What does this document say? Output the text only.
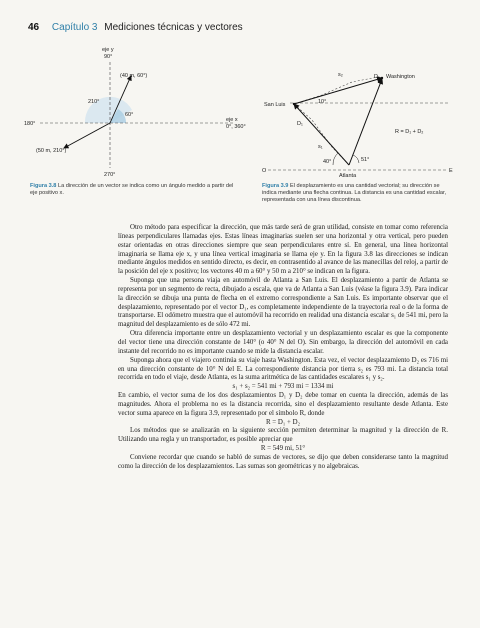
46 Capítulo 3 Mediciones técnicas y vectores
eje y
90°
(40 m, 60°)
210°
60°
180°
eje x
0°, 360°
(50 m, 210°)
270°
s₂	D₁ Washington
San Luis	10°
D₁
R = D₁ + D₂
s₁
40°	51°
O	E
Atlanta
Figura 3.8 La dirección de un vector se indica como un ángulo medido a partir del eje positivo x.
Figura 3.9 El desplazamiento es una cantidad vectorial; su dirección se indica mediante una flecha continua. La distancia es una cantidad escalar, representada con una línea discontinua.

Otro método para especificar la dirección, que más tarde será de gran utilidad, consiste en tomar como referencia líneas perpendiculares llamadas ejes. Estas líneas imaginarias suelen ser una horizontal y otra vertical, pero pueden estar orientadas en otras direcciones siempre que sean perpendiculares entre sí. En general, una línea horizontal imaginaria se llama eje x, y una línea vertical imaginaria se llama eje y. En la figura 3.8 las direcciones se indican mediante ángulos medidos en sentido directo, es decir, en contrasentido al avance de las manecillas del reloj, a partir de la posición del eje x positivo; los vectores 40 m a 60° y 50 m a 210° se indican en la figura.

Suponga que una persona viaja en automóvil de Atlanta a San Luis. El desplazamiento a partir de Atlanta se representa por un segmento de recta, dibujado a escala, que va de Atlanta a San Luis (véase la figura 3.9). Para indicar la dirección se dibuja una punta de flecha en el extremo correspondiente a San Luis. Es importante observar que el desplazamiento, representado por el vector D₁, es completamente independiente de la trayectoria real o de la forma de transportarse. El odómetro muestra que el automóvil ha recorrido en realidad una distancia escalar s₁ de 541 mi, pero la magnitud del desplazamiento es de sólo 472 mi.

Otra diferencia importante entre un desplazamiento vectorial y un desplazamiento escalar es que la componente del vector tiene una dirección constante de 140° (o 40° N del O). Sin embargo, la dirección del automóvil en cada instante del recorrido no es importante cuando se mide la distancia escalar.

Suponga ahora que el viajero continúa su viaje hasta Washington. Esta vez, el vector desplazamiento D₂ es 716 mi en una dirección constante de 10° N del E. La correspondiente distancia por tierra s₂ es 793 mi. La distancia total recorrida en todo el viaje, desde Atlanta, es la suma aritmética de las cantidades escalares s₁ y s₂.

s₁ + s₂ = 541 mi + 793 mi = 1334 mi

En cambio, el vector suma de los dos desplazamientos D₁ y D₂ debe tomar en cuenta la dirección, además de las magnitudes. Ahora el problema no es la distancia recorrida, sino el desplazamiento resultante desde Atlanta. Este vector suma aparece en la figura 3.9, representado por el símbolo R, donde

R = D₁ + D₂

Los métodos que se analizarán en la siguiente sección permiten determinar la magnitud y la dirección de R. Utilizando una regla y un transportador, es posible apreciar que

R = 549 mi, 51°

Conviene recordar que cuando se habló de sumas de vectores, se dijo que deben considerarse tanto la magnitud como la dirección de los desplazamientos. Las sumas son geométricas y no algebraicas.
